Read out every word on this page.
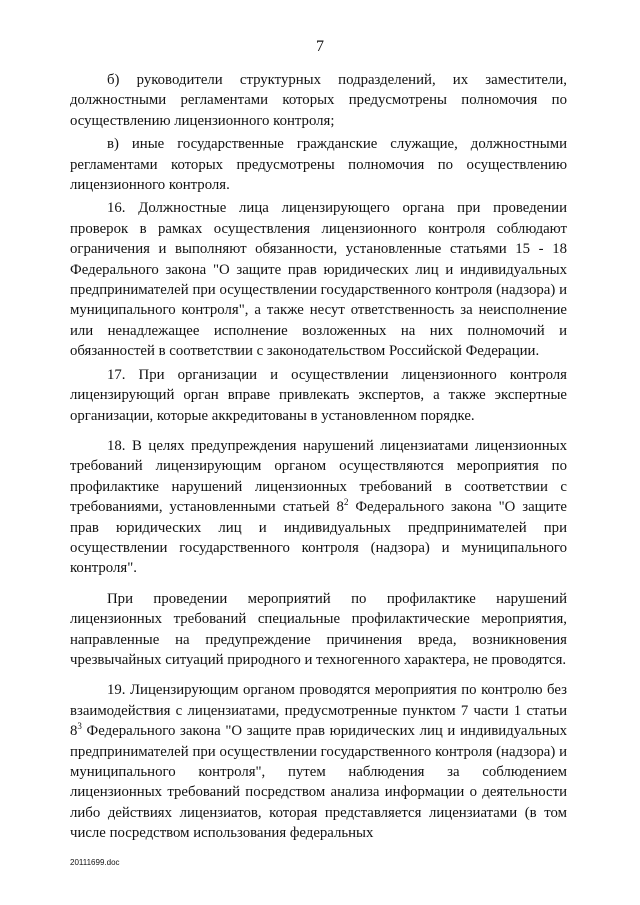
7

б) руководители структурных подразделений, их заместители, должностными регламентами которых предусмотрены полномочия по осуществлению лицензионного контроля;

в) иные государственные гражданские служащие, должностными регламентами которых предусмотрены полномочия по осуществлению лицензионного контроля.

16. Должностные лица лицензирующего органа при проведении проверок в рамках осуществления лицензионного контроля соблюдают ограничения и выполняют обязанности, установленные статьями 15 - 18 Федерального закона "О защите прав юридических лиц и индивидуальных предпринимателей при осуществлении государственного контроля (надзора) и муниципального контроля", а также несут ответственность за неисполнение или ненадлежащее исполнение возложенных на них полномочий и обязанностей в соответствии с законодательством Российской Федерации.

17. При организации и осуществлении лицензионного контроля лицензирующий орган вправе привлекать экспертов, а также экспертные организации, которые аккредитованы в установленном порядке.

18. В целях предупреждения нарушений лицензиатами лицензионных требований лицензирующим органом осуществляются мероприятия по профилактике нарушений лицензионных требований в соответствии с требованиями, установленными статьей $8^2$ Федерального закона "О защите прав юридических лиц и индивидуальных предпринимателей при осуществлении государственного контроля (надзора) и муниципального контроля".

При проведении мероприятий по профилактике нарушений лицензионных требований специальные профилактические мероприятия, направленные на предупреждение причинения вреда, возникновения чрезвычайных ситуаций природного и техногенного характера, не проводятся.

19. Лицензирующим органом проводятся мероприятия по контролю без взаимодействия с лицензиатами, предусмотренные пунктом 7 части 1 статьи $8^3$ Федерального закона "О защите прав юридических лиц и индивидуальных предпринимателей при осуществлении государственного контроля (надзора) и муниципального контроля", путем наблюдения за соблюдением лицензионных требований посредством анализа информации о деятельности либо действиях лицензиатов, которая представляется лицензиатами (в том числе посредством использования федеральных

20111699.doc
